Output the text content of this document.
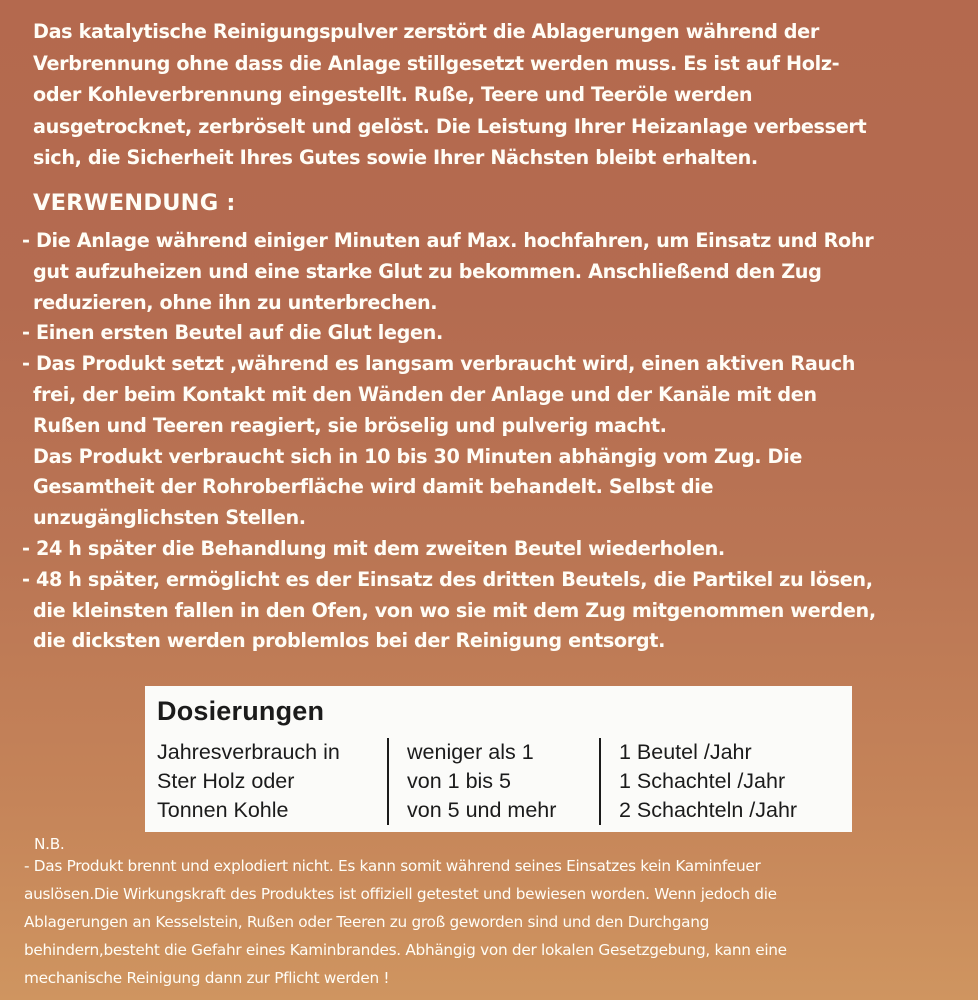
Das katalytische Reinigungspulver zerstört die Ablagerungen während der
Verbrennung ohne dass die Anlage stillgesetzt werden muss. Es ist auf Holz-
oder Kohleverbrennung eingestellt. Ruße, Teere und Teeröle werden
ausgetrocknet, zerbröselt und gelöst. Die Leistung Ihrer Heizanlage verbessert
sich, die Sicherheit Ihres Gutes sowie Ihrer Nächsten bleibt erhalten.
VERWENDUNG :
- Die Anlage während einiger Minuten auf Max. hochfahren, um Einsatz und Rohr
gut aufzuheizen und eine starke Glut zu bekommen. Anschließend den Zug
reduzieren, ohne ihn zu unterbrechen.
- Einen ersten Beutel auf die Glut legen.
- Das Produkt setzt ,während es langsam verbraucht wird, einen aktiven Rauch
frei, der beim Kontakt mit den Wänden der Anlage und der Kanäle mit den
Rußen und Teeren reagiert, sie bröselig und pulverig macht.
Das Produkt verbraucht sich in 10 bis 30 Minuten abhängig vom Zug. Die
Gesamtheit der Rohroberfläche wird damit behandelt. Selbst die
unzugänglichsten Stellen.
- 24 h später die Behandlung mit dem zweiten Beutel wiederholen.
- 48 h später, ermöglicht es der Einsatz des dritten Beutels, die Partikel zu lösen,
die kleinsten fallen in den Ofen, von wo sie mit dem Zug mitgenommen werden,
die dicksten werden problemlos bei der Reinigung entsorgt.
Dosierungen
Jahresverbrauch in
Ster Holz oder
Tonnen Kohle
weniger als 1
von 1 bis 5
von 5 und mehr
1 Beutel /Jahr
1 Schachtel /Jahr
2 Schachteln /Jahr
N.B.
- Das Produkt brennt und explodiert nicht. Es kann somit während seines Einsatzes kein Kaminfeuer
auslösen.Die Wirkungskraft des Produktes ist offiziell getestet und bewiesen worden. Wenn jedoch die
Ablagerungen an Kesselstein, Rußen oder Teeren zu groß geworden sind und den Durchgang
behindern,besteht die Gefahr eines Kaminbrandes. Abhängig von der lokalen Gesetzgebung, kann eine
mechanische Reinigung dann zur Pflicht werden !
